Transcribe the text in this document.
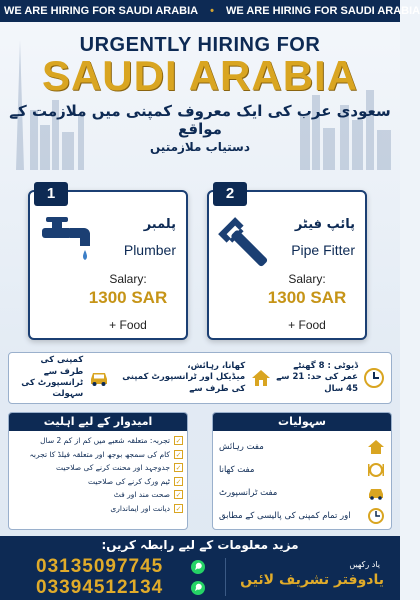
WE ARE HIRING FOR SAUDI ARABIA • WE ARE HIRING FOR SAUDI ARABIA
URGENTLY HIRING FOR
SAUDI ARABIA
سعودی عرب کی ایک معروف کمپنی میں ملازمت کے مواقع
دستیاب ملازمتیں
1
پلمبر
Plumber
Salary:
1300 SAR
+ Food
2
پائپ فیٹر
Pipe Fitter
Salary:
1300 SAR
+ Food
ڈیوٹی : 8 گھنٹے
عمر کی حد: 21 سے 45 سال
کھانا، رہائش،
میڈیکل اور ٹرانسپورٹ کمپنی کی طرف سے
کمپنی کی طرف سے
ٹرانسپورٹ کی سہولت
امیدوار کے لیے اہلیت
✓
تجربہ: متعلقہ شعبے میں کم از کم 2 سال
✓
کام کی سمجھ بوجھ اور متعلقہ فیلڈ کا تجربہ
✓
جدوجہد اور محنت کرنے کی صلاحیت
✓
ٹیم ورک کرنے کی صلاحیت
✓
صحت مند اور فٹ
✓
دیانت اور ایمانداری
سہولیات
مفت رہائش
مفت کھانا
مفت ٹرانسپورٹ
اور تمام کمپنی کی پالیسی کے مطابق
مزید معلومات کے لیے رابطہ کریں:
03135097745
03394512134
یاد رکھیں
یادوفتر تشریف لائیں
